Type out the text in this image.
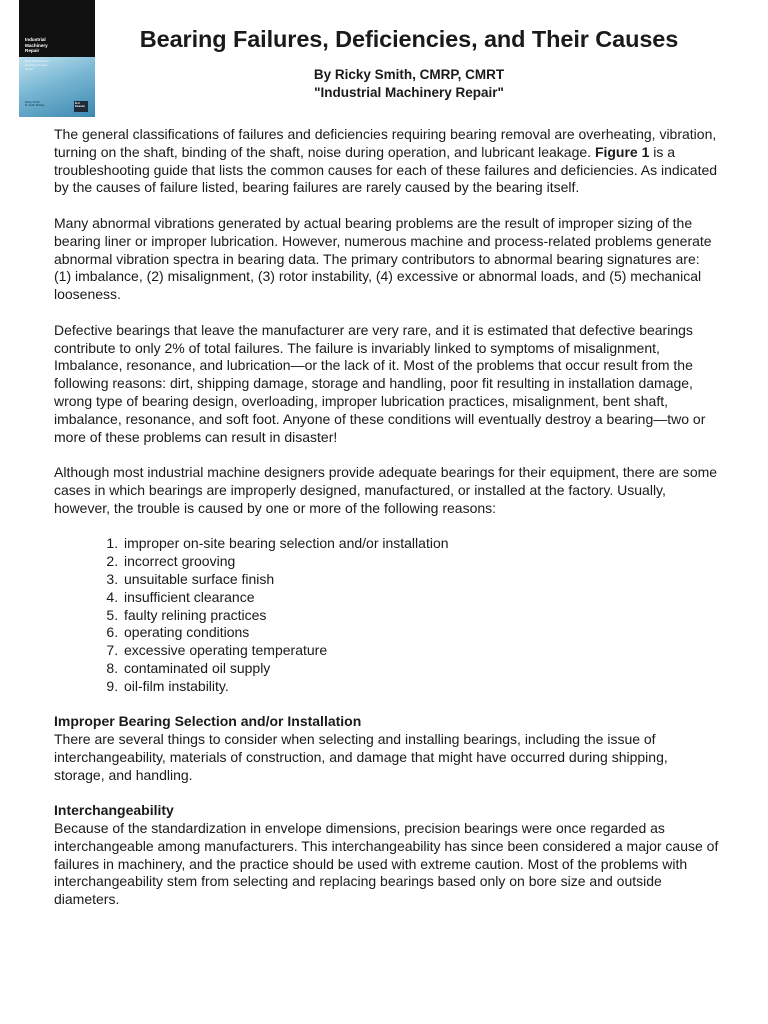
Industrial
Machinery
Repair
Best Maintenance
Practices Pocket
Guide
Ricky Smith
R. Keith Mobley	B-H Elsevier
Bearing Failures, Deficiencies, and Their Causes
By Ricky Smith, CMRP, CMRT
"Industrial Machinery Repair"

The general classifications of failures and deficiencies requiring bearing removal are overheating, vibration, turning on the shaft, binding of the shaft, noise during operation, and lubricant leakage. Figure 1 is a troubleshooting guide that lists the common causes for each of these failures and deficiencies. As indicated by the causes of failure listed, bearing failures are rarely caused by the bearing itself.

Many abnormal vibrations generated by actual bearing problems are the result of improper sizing of the bearing liner or improper lubrication. However, numerous machine and process-related problems generate abnormal vibration spectra in bearing data. The primary contributors to abnormal bearing signatures are: (1) imbalance, (2) misalignment, (3) rotor instability, (4) excessive or abnormal loads, and (5) mechanical looseness.

Defective bearings that leave the manufacturer are very rare, and it is estimated that defective bearings contribute to only 2% of total failures. The failure is invariably linked to symptoms of misalignment, Imbalance, resonance, and lubrication—or the lack of it. Most of the problems that occur result from the following reasons: dirt, shipping damage, storage and handling, poor fit resulting in installation damage, wrong type of bearing design, overloading, improper lubrication practices, misalignment, bent shaft, imbalance, resonance, and soft foot. Anyone of these conditions will eventually destroy a bearing—two or more of these problems can result in disaster!

Although most industrial machine designers provide adequate bearings for their equipment, there are some cases in which bearings are improperly designed, manufactured, or installed at the factory. Usually, however, the trouble is caused by one or more of the following reasons:

1. improper on-site bearing selection and/or installation
2. incorrect grooving
3. unsuitable surface finish
4. insufficient clearance
5. faulty relining practices
6. operating conditions
7. excessive operating temperature
8. contaminated oil supply
9. oil-film instability.
Improper Bearing Selection and/or Installation

There are several things to consider when selecting and installing bearings, including the issue of interchangeability, materials of construction, and damage that might have occurred during shipping, storage, and handling.

Interchangeability

Because of the standardization in envelope dimensions, precision bearings were once regarded as interchangeable among manufacturers. This interchangeability has since been considered a major cause of failures in machinery, and the practice should be used with extreme caution. Most of the problems with interchangeability stem from selecting and replacing bearings based only on bore size and outside diameters.
